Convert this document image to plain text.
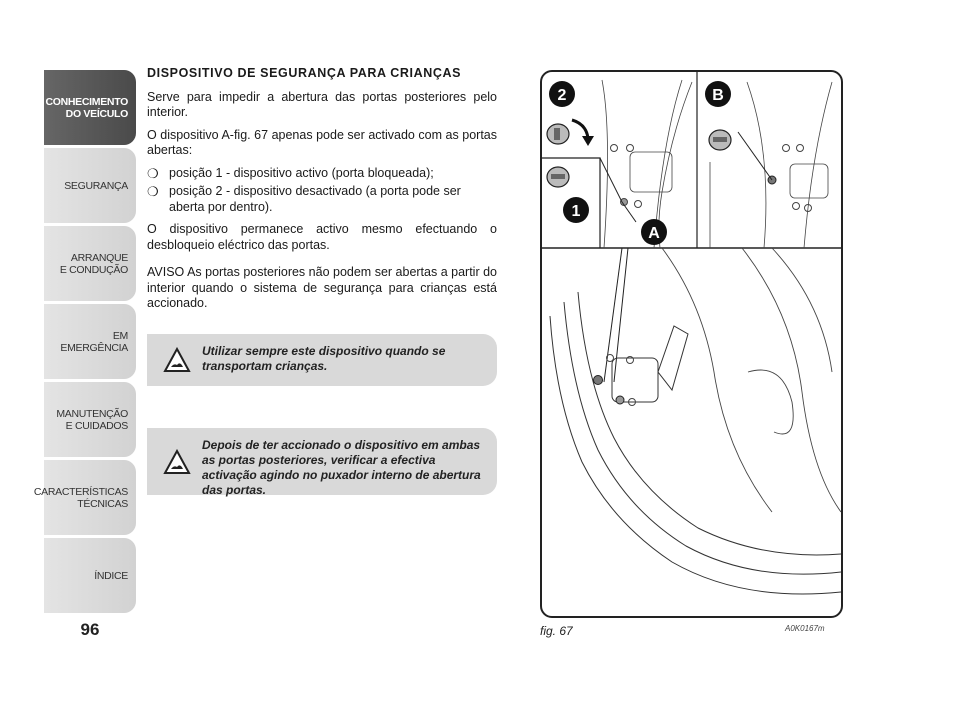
CONHECIMENTO
DO VEÍCULO
SEGURANÇA
ARRANQUE
E CONDUÇÃO
EM EMERGÊNCIA
MANUTENÇÃO
E CUIDADOS
CARACTERÍSTICAS
TÉCNICAS
ÍNDICE
96
DISPOSITIVO DE SEGURANÇA PARA CRIANÇAS

Serve para impedir a abertura das portas posteriores pelo interior.

O dispositivo A-fig. 67 apenas pode ser activado com as portas abertas:

❍ posição 1 - dispositivo activo (porta bloqueada);
❍ posição 2 - dispositivo desactivado (a porta pode ser aberta por dentro).

O dispositivo permanece activo mesmo efectuando o desbloqueio eléctrico das portas.

AVISO As portas posteriores não podem ser abertas a partir do interior quando o sistema de segurança para crianças está accionado.

Utilizar sempre este dispositivo quando se transportam crianças.
Depois de ter accionado o dispositivo em ambas as portas posteriores, verificar a efectiva activação agindo no puxador interno de abertura das portas.
2	B
1
A
fig. 67	A0K0167m
